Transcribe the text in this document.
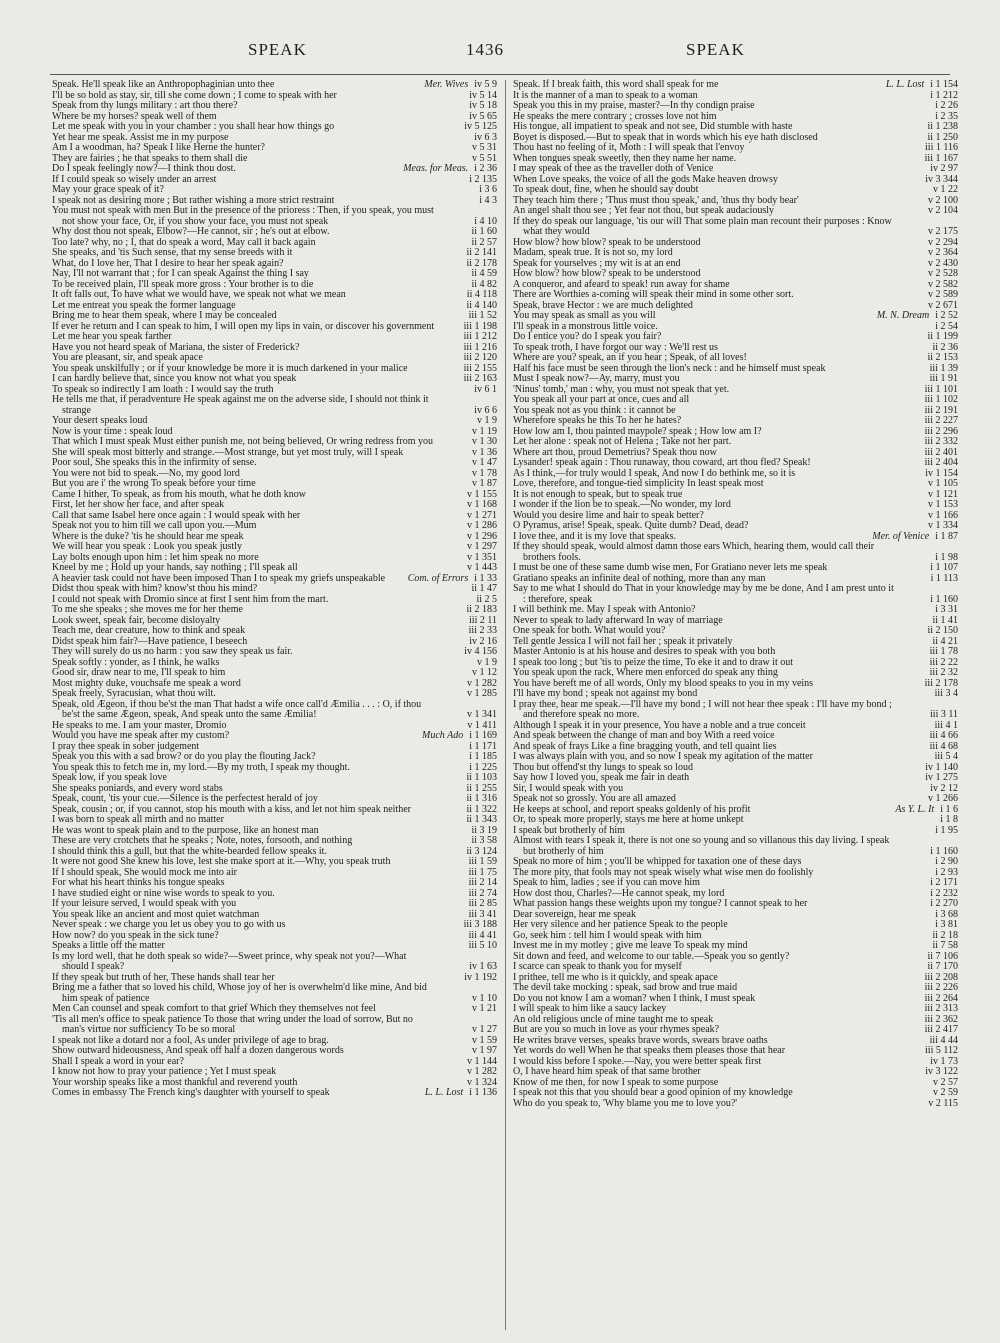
SPEAK	1436	SPEAK

Speak. He'll speak like an Anthropophaginian unto thee	Mer. Wives iv 5 9

I'll be so bold as stay, sir, till she come down ; I come to speak with her	iv 5 14

Speak from thy lungs military : art thou there?	iv 5 18

Where be my horses? speak well of them	iv 5 65

Let me speak with you in your chamber : you shall hear how things go	iv 5 125

Yet hear me speak. Assist me in my purpose	iv 6 3

Am I a woodman, ha? Speak I like Herne the hunter?	v 5 31

They are fairies ; he that speaks to them shall die	v 5 51

Do I speak feelingly now?—I think thou dost.	Meas. for Meas. i 2 36

If I could speak so wisely under an arrest	i 2 135

May your grace speak of it?	i 3 6

I speak not as desiring more ; But rather wishing a more strict restraint	i 4 3

You must not speak with men But in the presence of the prioress : Then, if you speak, you must not show your face, Or, if you show your face, you must not speak	i 4 10

Why dost thou not speak, Elbow?—He cannot, sir ; he's out at elbow.	ii 1 60

Too late? why, no ; I, that do speak a word, May call it back again	ii 2 57

She speaks, and 'tis Such sense, that my sense breeds with it	ii 2 141

What, do I love her, That I desire to hear her speak again?	ii 2 178

Nay, I'll not warrant that ; for I can speak Against the thing I say	ii 4 59

To be received plain, I'll speak more gross : Your brother is to die	ii 4 82

It oft falls out, To have what we would have, we speak not what we mean	ii 4 118

Let me entreat you speak the former language	ii 4 140

Bring me to hear them speak, where I may be concealed	iii 1 52

If ever he return and I can speak to him, I will open my lips in vain, or discover his government	iii 1 198

Let me hear you speak farther	iii 1 212

Have you not heard speak of Mariana, the sister of Frederick?	iii 1 216

You are pleasant, sir, and speak apace	iii 2 120

You speak unskilfully ; or if your knowledge be more it is much darkened in your malice	iii 2 155

I can hardly believe that, since you know not what you speak	iii 2 163

To speak so indirectly I am loath : I would say the truth	iv 6 1

He tells me that, if peradventure He speak against me on the adverse side, I should not think it strange	iv 6 6

Your desert speaks loud	v 1 9

Now is your time : speak loud	v 1 19

That which I must speak Must either punish me, not being believed, Or wring redress from you	v 1 30

She will speak most bitterly and strange.—Most strange, but yet most truly, will I speak	v 1 36

Poor soul, She speaks this in the infirmity of sense.	v 1 47

You were not bid to speak.—No, my good lord	v 1 78

But you are i' the wrong To speak before your time	v 1 87

Came I hither, To speak, as from his mouth, what he doth know	v 1 155

First, let her show her face, and after speak	v 1 168

Call that same Isabel here once again : I would speak with her	v 1 271

Speak not you to him till we call upon you.—Mum	v 1 286

Where is the duke? 'tis he should hear me speak	v 1 296

We will hear you speak : Look you speak justly	v 1 297

Lay bolts enough upon him : let him speak no more	v 1 351

Kneel by me ; Hold up your hands, say nothing ; I'll speak all	v 1 443

A heavier task could not have been imposed Than I to speak my griefs unspeakable	Com. of Errors i 1 33

Didst thou speak with him? know'st thou his mind?	ii 1 47

I could not speak with Dromio since at first I sent him from the mart.	ii 2 5

To me she speaks ; she moves me for her theme	ii 2 183

Look sweet, speak fair, become disloyalty	iii 2 11

Teach me, dear creature, how to think and speak	iii 2 33

Didst speak him fair?—Have patience, I beseech	iv 2 16

They will surely do us no harm : you saw they speak us fair.	iv 4 156

Speak softly : yonder, as I think, he walks	v 1 9

Good sir, draw near to me, I'll speak to him	v 1 12

Most mighty duke, vouchsafe me speak a word	v 1 282

Speak freely, Syracusian, what thou wilt.	v 1 285

Speak, old Ægeon, if thou be'st the man That hadst a wife once call'd Æmilia . . . : O, if thou be'st the same Ægeon, speak, And speak unto the same Æmilia!	v 1 341

He speaks to me. I am your master, Dromio	v 1 411

Would you have me speak after my custom?	Much Ado i 1 169

I pray thee speak in sober judgement	i 1 171

Speak you this with a sad brow? or do you play the flouting Jack?	i 1 185

You speak this to fetch me in, my lord.—By my troth, I speak my thought.	i 1 225

Speak low, if you speak love	ii 1 103

She speaks poniards, and every word stabs	ii 1 255

Speak, count, 'tis your cue.—Silence is the perfectest herald of joy	ii 1 316

Speak, cousin ; or, if you cannot, stop his mouth with a kiss, and let not him speak neither	ii 1 322

I was born to speak all mirth and no matter	ii 1 343

He was wont to speak plain and to the purpose, like an honest man	ii 3 19

These are very crotchets that he speaks ; Note, notes, forsooth, and nothing	ii 3 58

I should think this a gull, but that the white-bearded fellow speaks it.	ii 3 124

It were not good She knew his love, lest she make sport at it.—Why, you speak truth	iii 1 59

If I should speak, She would mock me into air	iii 1 75

For what his heart thinks his tongue speaks	iii 2 14

I have studied eight or nine wise words to speak to you.	iii 2 74

If your leisure served, I would speak with you	iii 2 85

You speak like an ancient and most quiet watchman	iii 3 41

Never speak : we charge you let us obey you to go with us	iii 3 188

How now? do you speak in the sick tune?	iii 4 41

Speaks a little off the matter	iii 5 10

Is my lord well, that he doth speak so wide?—Sweet prince, why speak not you?—What should I speak?	iv 1 63

If they speak but truth of her, These hands shall tear her	iv 1 192

Bring me a father that so loved his child, Whose joy of her is overwhelm'd like mine, And bid him speak of patience	v 1 10

Men Can counsel and speak comfort to that grief Which they themselves not feel	v 1 21

'Tis all men's office to speak patience To those that wring under the load of sorrow, But no man's virtue nor sufficiency To be so moral	v 1 27

I speak not like a dotard nor a fool, As under privilege of age to brag.	v 1 59

Show outward hideousness, And speak off half a dozen dangerous words	v 1 97

Shall I speak a word in your ear?	v 1 144

I know not how to pray your patience ; Yet I must speak	v 1 282

Your worship speaks like a most thankful and reverend youth	v 1 324

Comes in embassy The French king's daughter with yourself to speak	L. L. Lost i 1 136

Speak. If I break faith, this word shall speak for me	L. L. Lost i 1 154

It is the manner of a man to speak to a woman	i 1 212

Speak you this in my praise, master?—In thy condign praise	i 2 26

He speaks the mere contrary ; crosses love not him	i 2 35

His tongue, all impatient to speak and not see, Did stumble with haste	ii 1 238

Boyet is disposed.—But to speak that in words which his eye hath disclosed	ii 1 250

Thou hast no feeling of it, Moth : I will speak that l'envoy	iii 1 116

When tongues speak sweetly, then they name her name.	iii 1 167

I may speak of thee as the traveller doth of Venice	iv 2 97

When Love speaks, the voice of all the gods Make heaven drowsy	iv 3 344

To speak dout, fine, when he should say doubt	v 1 22

They teach him there ; 'Thus must thou speak,' and, 'thus thy body bear'	v 2 100

An angel shalt thou see ; Yet fear not thou, but speak audaciously	v 2 104

If they do speak our language, 'tis our will That some plain man recount their purposes : Know what they would	v 2 175

How blow? how blow? speak to be understood	v 2 294

Madam, speak true. It is not so, my lord	v 2 364

Speak for yourselves ; my wit is at an end	v 2 430

How blow? how blow? speak to be understood	v 2 528

A conqueror, and afeard to speak! run away for shame	v 2 582

There are Worthies a-coming will speak their mind in some other sort.	v 2 589

Speak, brave Hector : we are much delighted	v 2 671

You may speak as small as you will	M. N. Dream i 2 52

I'll speak in a monstrous little voice.	i 2 54

Do I entice you? do I speak you fair?	ii 1 199

To speak troth, I have forgot our way : We'll rest us	ii 2 36

Where are you? speak, an if you hear ; Speak, of all loves!	ii 2 153

Half his face must be seen through the lion's neck : and he himself must speak	iii 1 39

Must I speak now?—Ay, marry, must you	iii 1 91

'Ninus' tomb,' man : why, you must not speak that yet.	iii 1 101

You speak all your part at once, cues and all	iii 1 102

You speak not as you think : it cannot be	iii 2 191

Wherefore speaks he this To her he hates?	iii 2 227

How low am I, thou painted maypole? speak ; How low am I?	iii 2 296

Let her alone : speak not of Helena ; Take not her part.	iii 2 332

Where art thou, proud Demetrius? Speak thou now	iii 2 401

Lysander! speak again : Thou runaway, thou coward, art thou fled? Speak!	iii 2 404

As I think,—for truly would I speak, And now I do bethink me, so it is	iv 1 154

Love, therefore, and tongue-tied simplicity In least speak most	v 1 105

It is not enough to speak, but to speak true	v 1 121

I wonder if the lion be to speak.—No wonder, my lord	v 1 153

Would you desire lime and hair to speak better?	v 1 166

O Pyramus, arise! Speak, speak. Quite dumb? Dead, dead?	v 1 334

I love thee, and it is my love that speaks.	Mer. of Venice i 1 87

If they should speak, would almost damn those ears Which, hearing them, would call their brothers fools.	i 1 98

I must be one of these same dumb wise men, For Gratiano never lets me speak	i 1 107

Gratiano speaks an infinite deal of nothing, more than any man	i 1 113

Say to me what I should do That in your knowledge may by me be done, And I am prest unto it : therefore, speak	i 1 160

I will bethink me. May I speak with Antonio?	i 3 31

Never to speak to lady afterward In way of marriage	ii 1 41

One speak for both. What would you?	ii 2 150

Tell gentle Jessica I will not fail her ; speak it privately	ii 4 21

Master Antonio is at his house and desires to speak with you both	iii 1 78

I speak too long ; but 'tis to peize the time, To eke it and to draw it out	iii 2 22

You speak upon the rack, Where men enforced do speak any thing	iii 2 32

You have bereft me of all words, Only my blood speaks to you in my veins	iii 2 178

I'll have my bond ; speak not against my bond	iii 3 4

I pray thee, hear me speak.—I'll have my bond ; I will not hear thee speak : I'll have my bond ; and therefore speak no more.	iii 3 11

Although I speak it in your presence, You have a noble and a true conceit	iii 4 1

And speak between the change of man and boy With a reed voice	iii 4 66

And speak of frays Like a fine bragging youth, and tell quaint lies	iii 4 68

I was always plain with you, and so now I speak my agitation of the matter	iii 5 4

Thou but offend'st thy lungs to speak so loud	iv 1 140

Say how I loved you, speak me fair in death	iv 1 275

Sir, I would speak with you	iv 2 12

Speak not so grossly. You are all amazed	v 1 266

He keeps at school, and report speaks goldenly of his profit	As Y. L. It i 1 6

Or, to speak more properly, stays me here at home unkept	i 1 8

I speak but brotherly of him	i 1 95

Almost with tears I speak it, there is not one so young and so villanous this day living. I speak but brotherly of him	i 1 160

Speak no more of him ; you'll be whipped for taxation one of these days	i 2 90

The more pity, that fools may not speak wisely what wise men do foolishly	i 2 93

Speak to him, ladies ; see if you can move him	i 2 171

How dost thou, Charles?—He cannot speak, my lord	i 2 232

What passion hangs these weights upon my tongue? I cannot speak to her	i 2 270

Dear sovereign, hear me speak	i 3 68

Her very silence and her patience Speak to the people	i 3 81

Go, seek him : tell him I would speak with him	ii 2 18

Invest me in my motley ; give me leave To speak my mind	ii 7 58

Sit down and feed, and welcome to our table.—Speak you so gently?	ii 7 106

I scarce can speak to thank you for myself	ii 7 170

I prithee, tell me who is it quickly, and speak apace	iii 2 208

The devil take mocking : speak, sad brow and true maid	iii 2 226

Do you not know I am a woman? when I think, I must speak	iii 2 264

I will speak to him like a saucy lackey	iii 2 313

An old religious uncle of mine taught me to speak	iii 2 362

But are you so much in love as your rhymes speak?	iii 2 417

He writes brave verses, speaks brave words, swears brave oaths	iii 4 44

Yet words do well When he that speaks them pleases those that hear	iii 5 112

I would kiss before I spoke.—Nay, you were better speak first	iv 1 73

O, I have heard him speak of that same brother	iv 3 122

Know of me then, for now I speak to some purpose	v 2 57

I speak not this that you should bear a good opinion of my knowledge	v 2 59

Who do you speak to, 'Why blame you me to love you?'	v 2 115
